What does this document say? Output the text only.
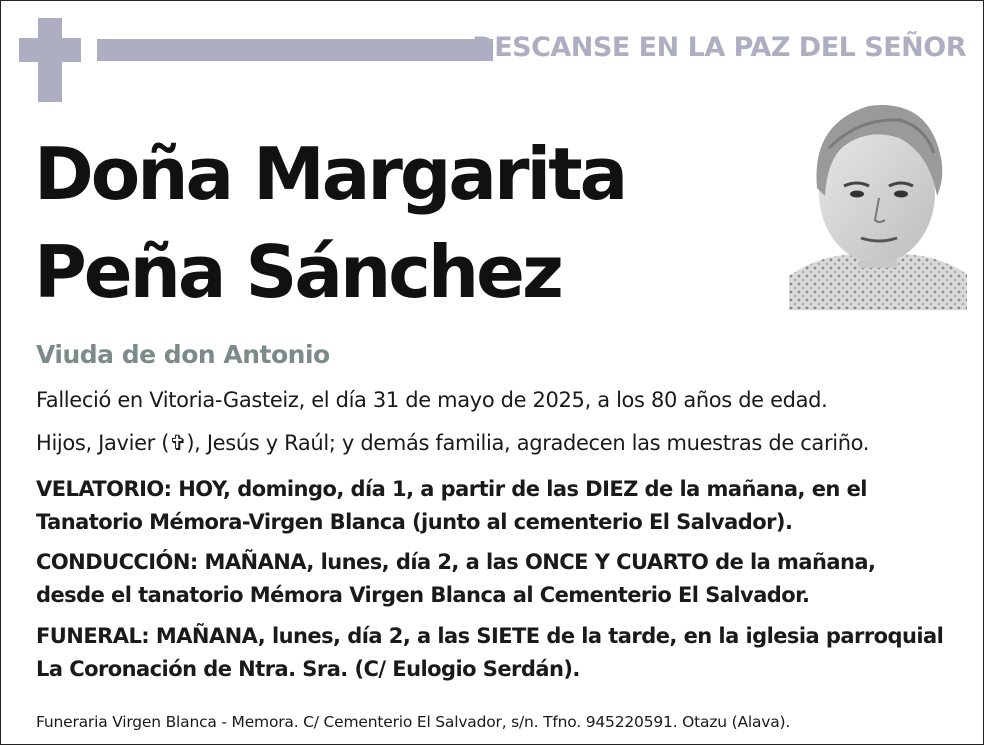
DESCANSE EN LA PAZ DEL SEÑOR
Doña Margarita
Peña Sánchez
Viuda de don Antonio
Falleció en Vitoria-Gasteiz, el día 31 de mayo de 2025, a los 80 años de edad.
Hijos, Javier (✞), Jesús y Raúl; y demás familia, agradecen las muestras de cariño.
VELATORIO: HOY, domingo, día 1, a partir de las DIEZ de la mañana, en el
Tanatorio Mémora-Virgen Blanca (junto al cementerio El Salvador).
CONDUCCIÓN: MAÑANA, lunes, día 2, a las ONCE Y CUARTO de la mañana,
desde el tanatorio Mémora Virgen Blanca al Cementerio El Salvador.
FUNERAL: MAÑANA, lunes, día 2, a las SIETE de la tarde, en la iglesia parroquial
La Coronación de Ntra. Sra. (C/ Eulogio Serdán).
Funeraria Virgen Blanca - Memora. C/ Cementerio El Salvador, s/n. Tfno. 945220591. Otazu (Alava).
